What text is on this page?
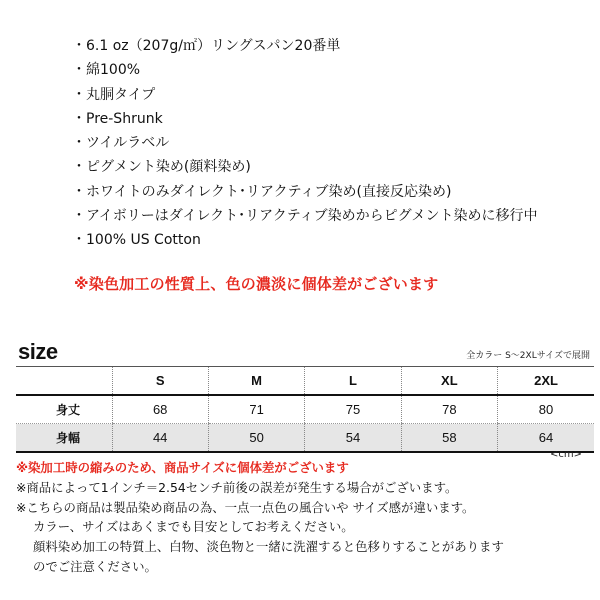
・6.1 oz（207g/㎡）リングスパン20番単
・綿100%
・丸胴タイプ
・Pre-Shrunk
・ツイルラベル
・ピグメント染め(顔料染め)
・ホワイトのみダイレクト･リアクティブ染め(直接反応染め)
・アイボリーはダイレクト･リアクティブ染めからピグメント染めに移行中
・100% US Cotton
※染色加工の性質上、色の濃淡に個体差がございます
size	全カラー S～2XLサイズで展開
	S	M	L	XL	2XL
身丈	68	71	75	78	80
身幅	44	50	54	58	64
<cm>
※染加工時の縮みのため、商品サイズに個体差がございます
※商品によって1インチ＝2.54センチ前後の誤差が発生する場合がございます。
※こちらの商品は製品染め商品の為、一点一点色の風合いや サイズ感が違います。
カラー、サイズはあくまでも目安としてお考えください。
顔料染め加工の特質上、白物、淡色物と一緒に洗濯すると色移りすることがあります
のでご注意ください。
